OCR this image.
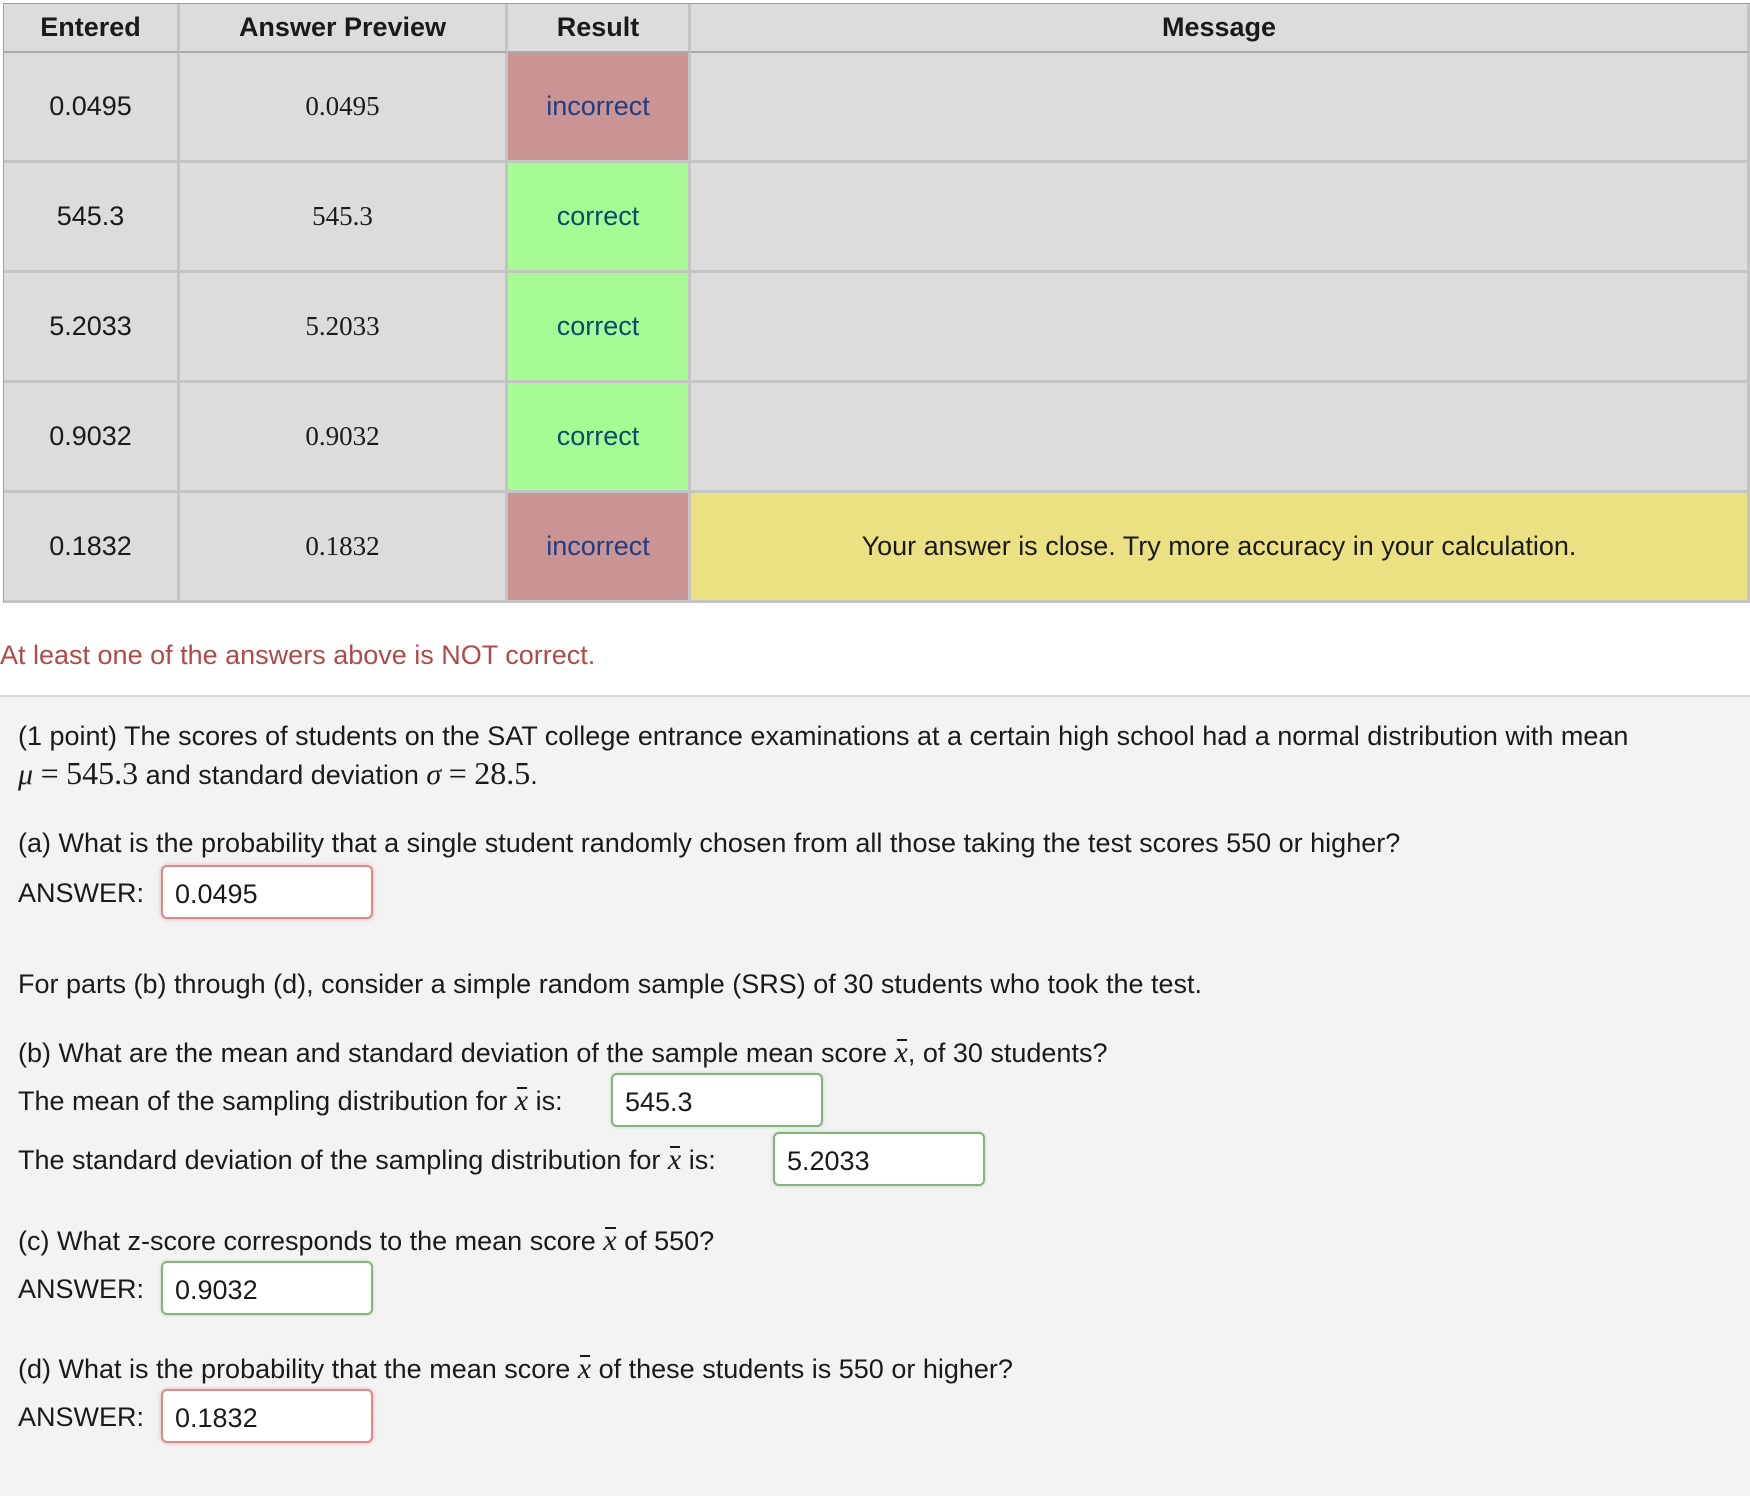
Entered	Answer Preview	Result	Message
0.0495	0.0495	incorrect	
545.3	545.3	correct	
5.2033	5.2033	correct	
0.9032	0.9032	correct	
0.1832	0.1832	incorrect	Your answer is close. Try more accuracy in your calculation.
At least one of the answers above is NOT correct.
(1 point) The scores of students on the SAT college entrance examinations at a certain high school had a normal distribution with mean
μ = 545.3 and standard deviation σ = 28.5.
(a) What is the probability that a single student randomly chosen from all those taking the test scores 550 or higher?
ANSWER:	0.0495
For parts (b) through (d), consider a simple random sample (SRS) of 30 students who took the test.
(b) What are the mean and standard deviation of the sample mean score x, of 30 students?
The mean of the sampling distribution for x is:	545.3
The standard deviation of the sampling distribution for x is:	5.2033
(c) What z-score corresponds to the mean score x of 550?
ANSWER:	0.9032
(d) What is the probability that the mean score x of these students is 550 or higher?
ANSWER:	0.1832
